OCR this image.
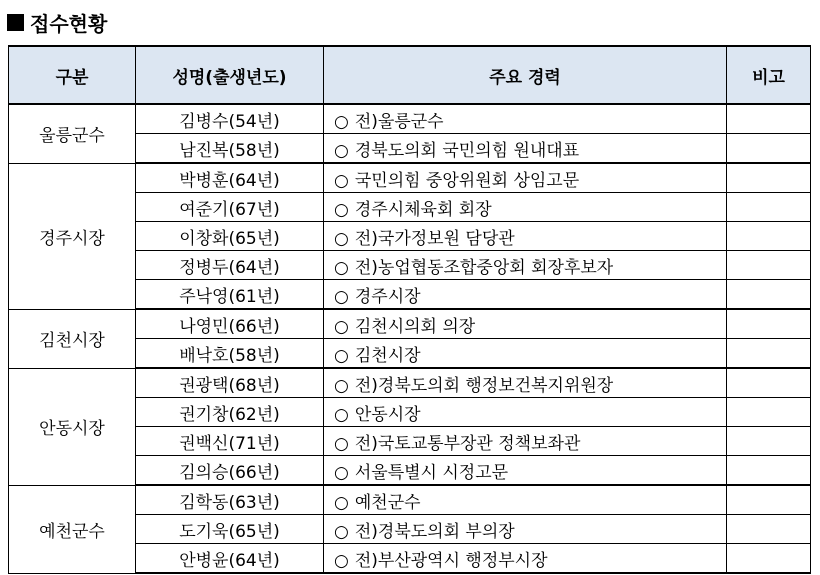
접수현황
구분	성명(출생년도)	주요 경력	비고
울릉군수	김병수(54년)	○ 전)울릉군수	
	남진복(58년)	○ 경북도의회 국민의힘 원내대표	
경주시장	박병훈(64년)	○ 국민의힘 중앙위원회 상임고문	
	여준기(67년)	○ 경주시체육회 회장	
	이창화(65년)	○ 전)국가정보원 담당관	
	정병두(64년)	○ 전)농업협동조합중앙회 회장후보자	
	주낙영(61년)	○ 경주시장	
김천시장	나영민(66년)	○ 김천시의회 의장	
	배낙호(58년)	○ 김천시장	
안동시장	권광택(68년)	○ 전)경북도의회 행정보건복지위원장	
	권기창(62년)	○ 안동시장	
	권백신(71년)	○ 전)국토교통부장관 정책보좌관	
	김의승(66년)	○ 서울특별시 시정고문	
예천군수	김학동(63년)	○ 예천군수	
	도기욱(65년)	○ 전)경북도의회 부의장	
	안병윤(64년)	○ 전)부산광역시 행정부시장	
